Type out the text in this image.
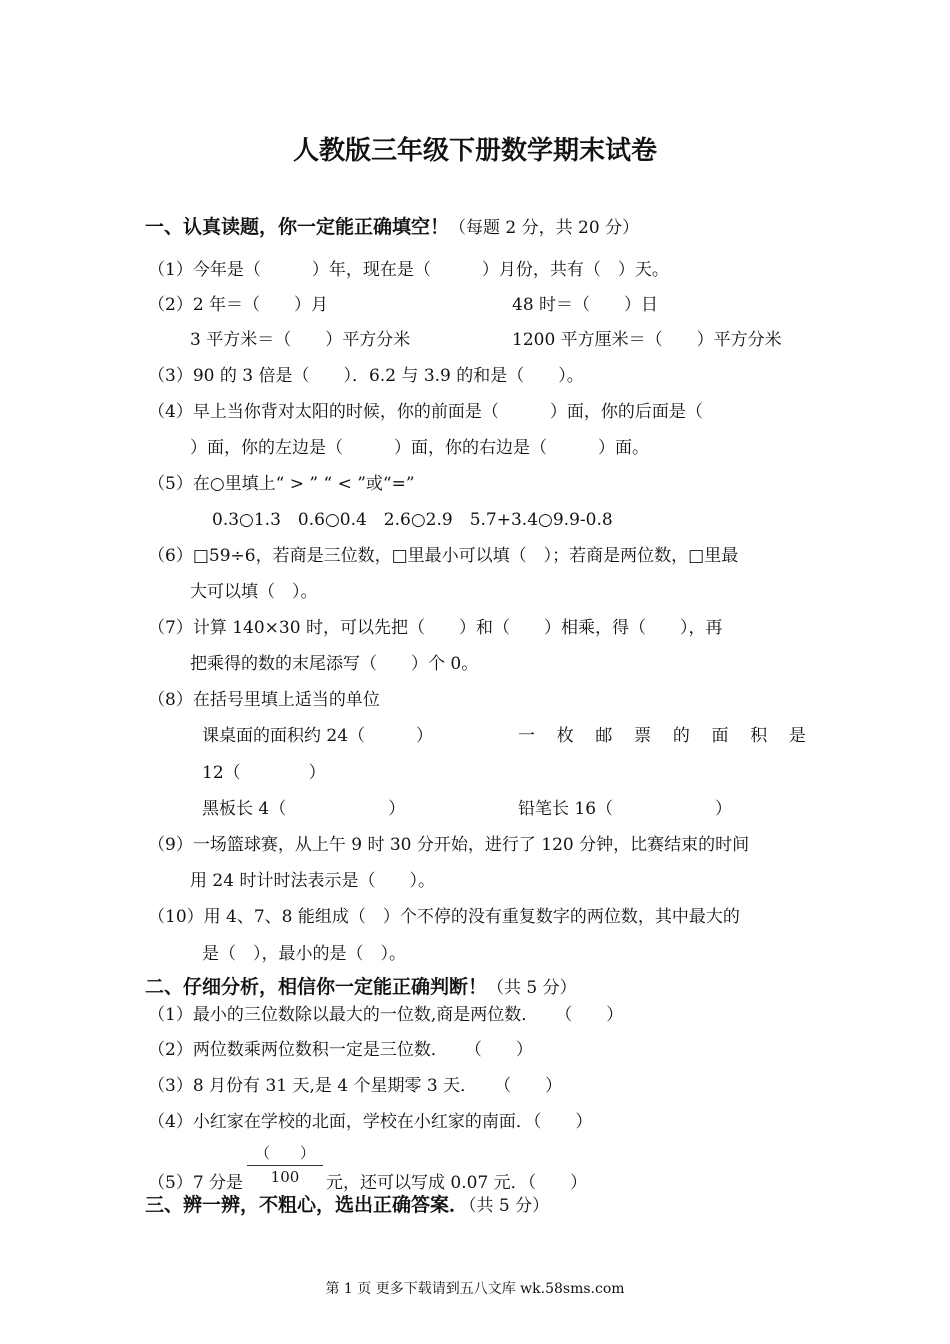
人教版三年级下册数学期末试卷
一、认真读题，你一定能正确填空！（每题 2 分，共 20 分）
（1）今年是（　　　）年，现在是（　　　）月份，共有（　）天。
（2）2 年＝（　　）月	48 时＝（　　）日
3 平方米＝（　　）平方分米	1200 平方厘米＝（　　）平方分米
（3）90 的 3 倍是（　　）．6.2 与 3.9 的和是（　　）。
（4）早上当你背对太阳的时候，你的前面是（　　　）面，你的后面是（
）面，你的左边是（　　　）面，你的右边是（　　　）面。
（5）在○里填上“ > ” “ < ”或“=”
0.3○1.3　0.6○0.4　2.6○2.9　5.7+3.4○9.9-0.8
（6）□59÷6，若商是三位数，□里最小可以填（　）；若商是两位数，□里最
大可以填（　）。
（7）计算 140×30 时，可以先把（　　）和（　　）相乘，得（　　），再
把乘得的数的末尾添写（　　）个 0。
（8）在括号里填上适当的单位
课桌面的面积约 24（　　　）	一 枚 邮 票 的 面 积 是
12（　　　　）
黑板长 4（　　　　　　）	铅笔长 16（　　　　　　）
（9）一场篮球赛，从上午 9 时 30 分开始，进行了 120 分钟，比赛结束的时间
用 24 时计时法表示是（　　）。
（10）用 4、7、8 能组成（　）个不停的没有重复数字的两位数，其中最大的
是（　），最小的是（　）。
二、仔细分析，相信你一定能正确判断！（共 5 分）
（1）最小的三位数除以最大的一位数,商是两位数．　　（　　）
（2）两位数乘两位数积一定是三位数．　　（　　）
（3）8 月份有 31 天,是 4 个星期零 3 天．　　（　　）
（4）小红家在学校的北面，学校在小红家的南面．（　　）
（　　）
100
（5）7 分是	元，还可以写成 0.07 元．（　　）
三、辨一辨，不粗心，选出正确答案．（共 5 分）
第 1 页 更多下载请到五八文库 wk.58sms.com
